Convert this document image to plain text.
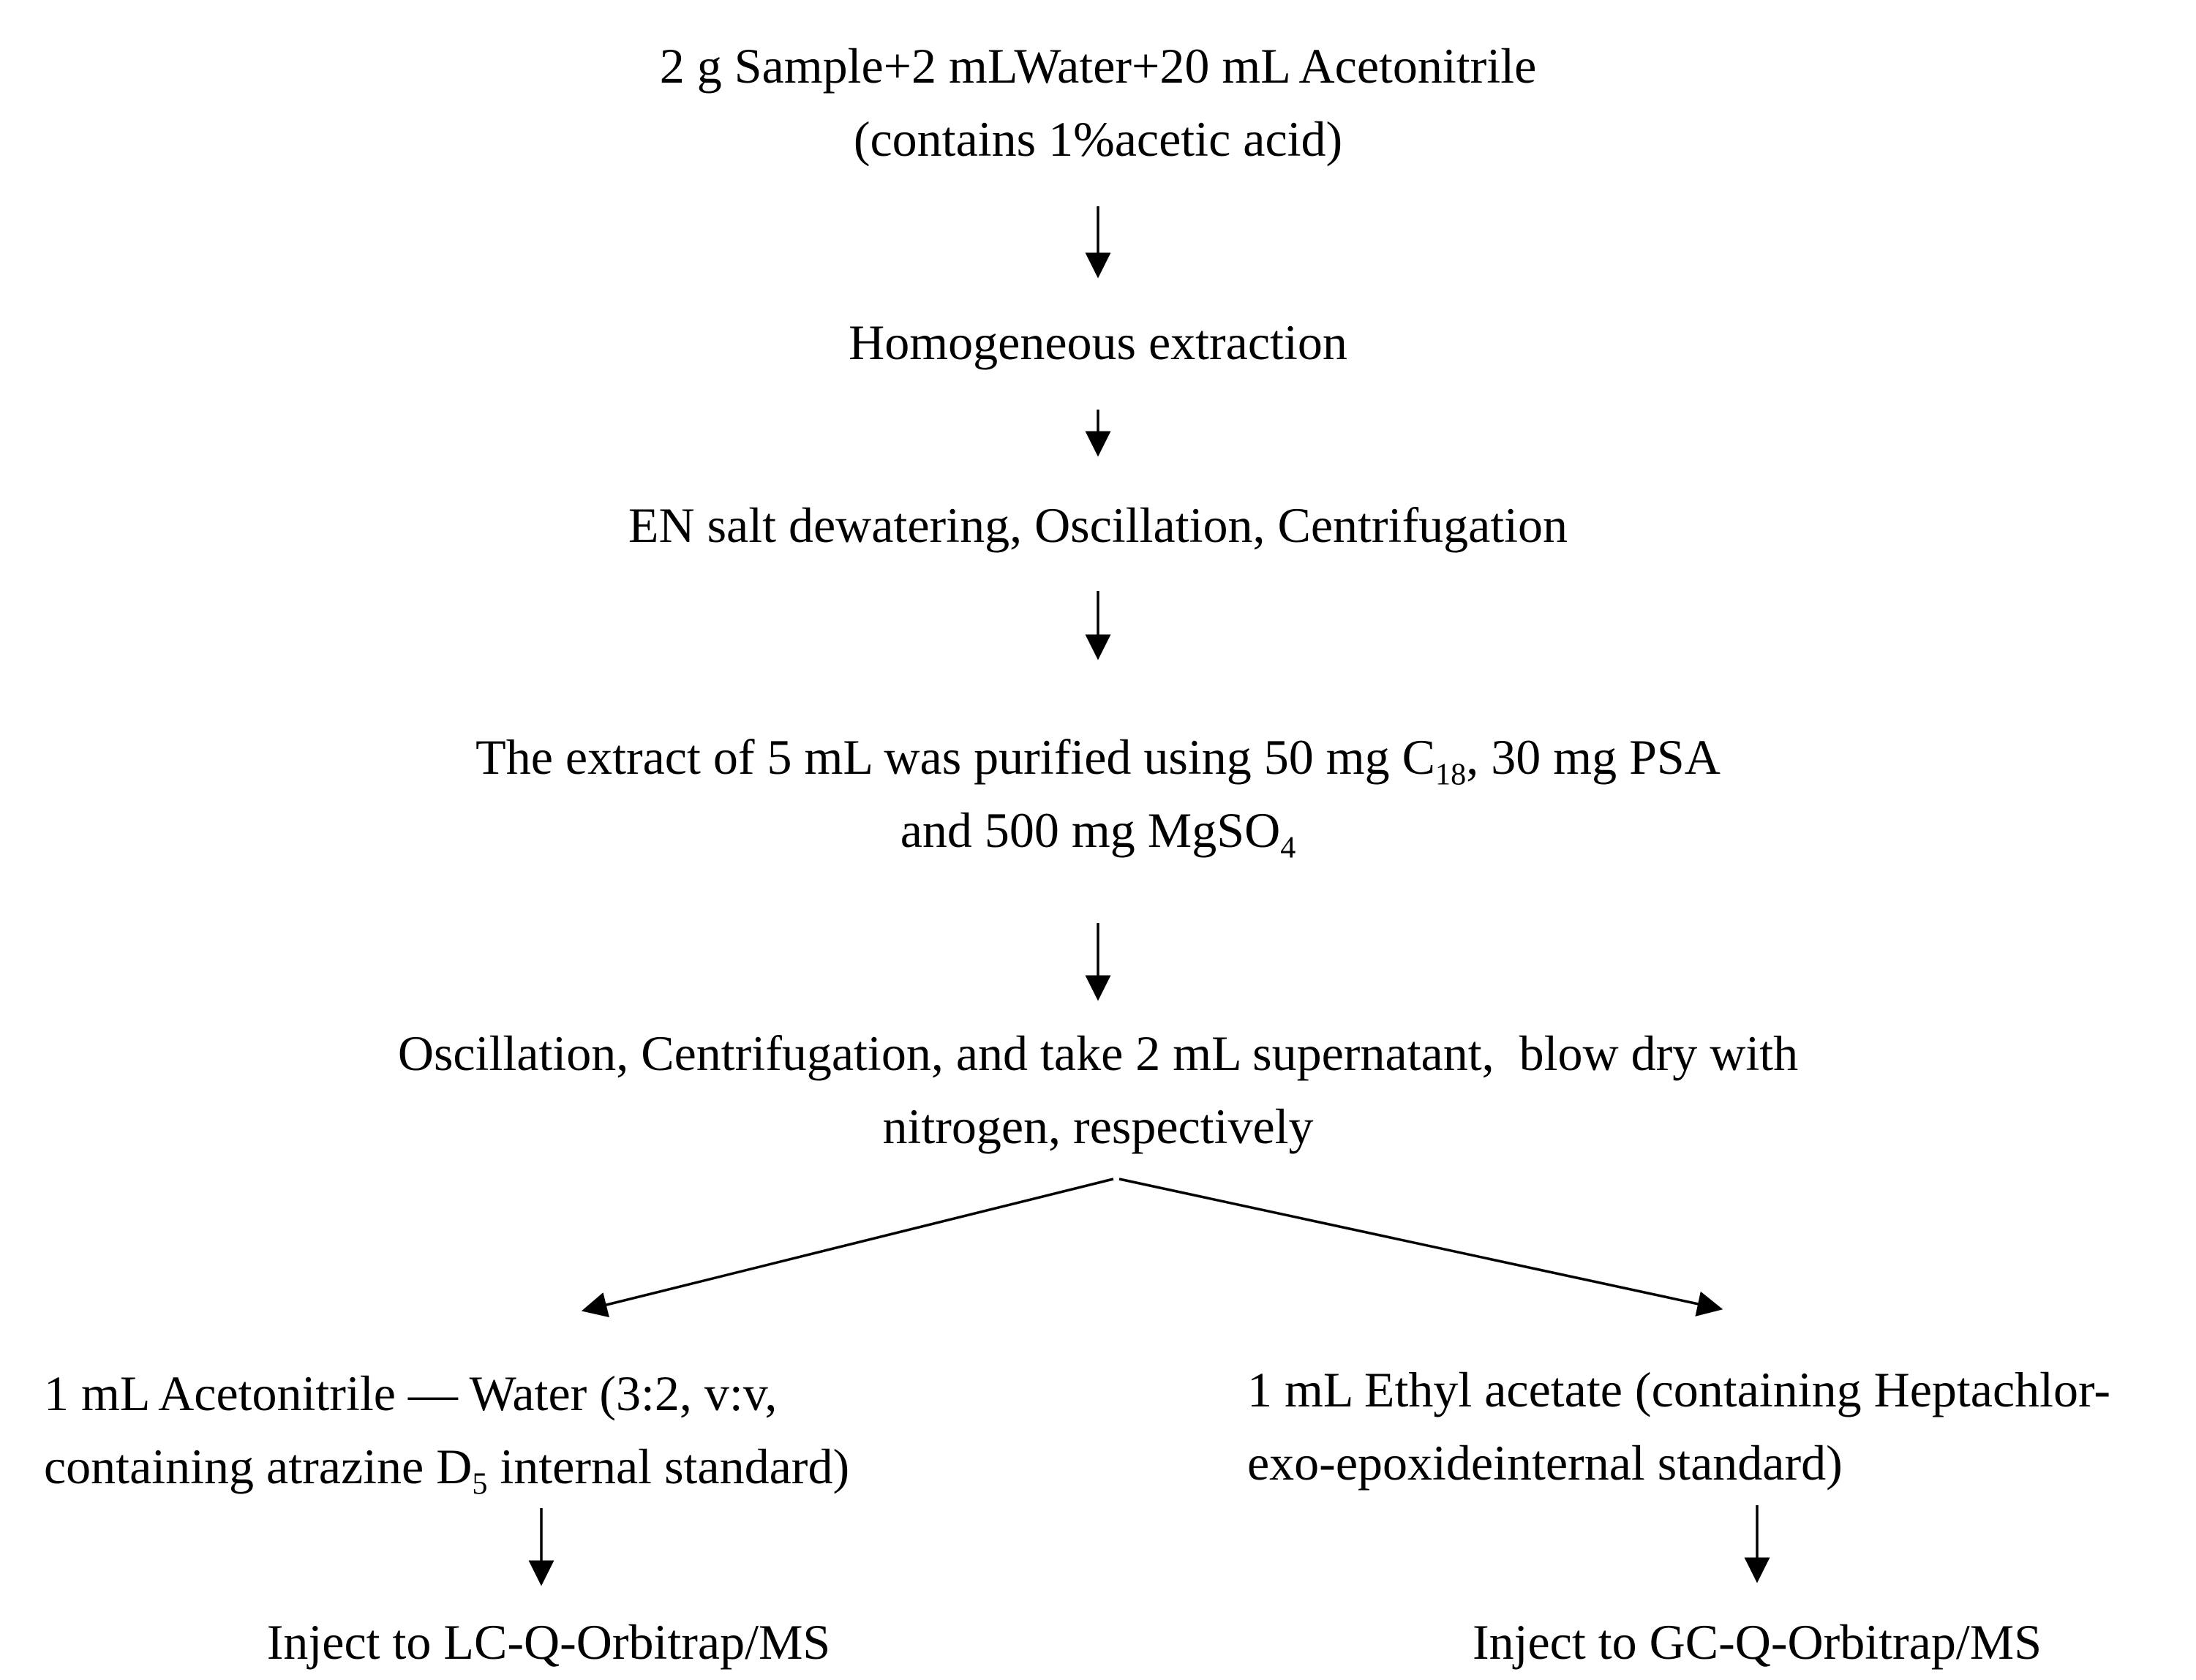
2 g Sample+2 mLWater+20 mL Acetonitrile
(contains 1%acetic acid)
Homogeneous extraction
EN salt dewatering, Oscillation, Centrifugation
The extract of 5 mL was purified using 50 mg $C_{18}$, 30 mg PSA
and 500 mg MgSO$_4$
Oscillation, Centrifugation, and take 2 mL supernatant,  blow dry with
nitrogen, respectively
1 mL Acetonitrile — Water (3:2, v:v,
containing atrazine $D_5$ internal standard)
1 mL Ethyl acetate (containing Heptachlor-
exo-epoxideinternal standard)
Inject to LC-Q-Orbitrap/MS	Inject to GC-Q-Orbitrap/MS
